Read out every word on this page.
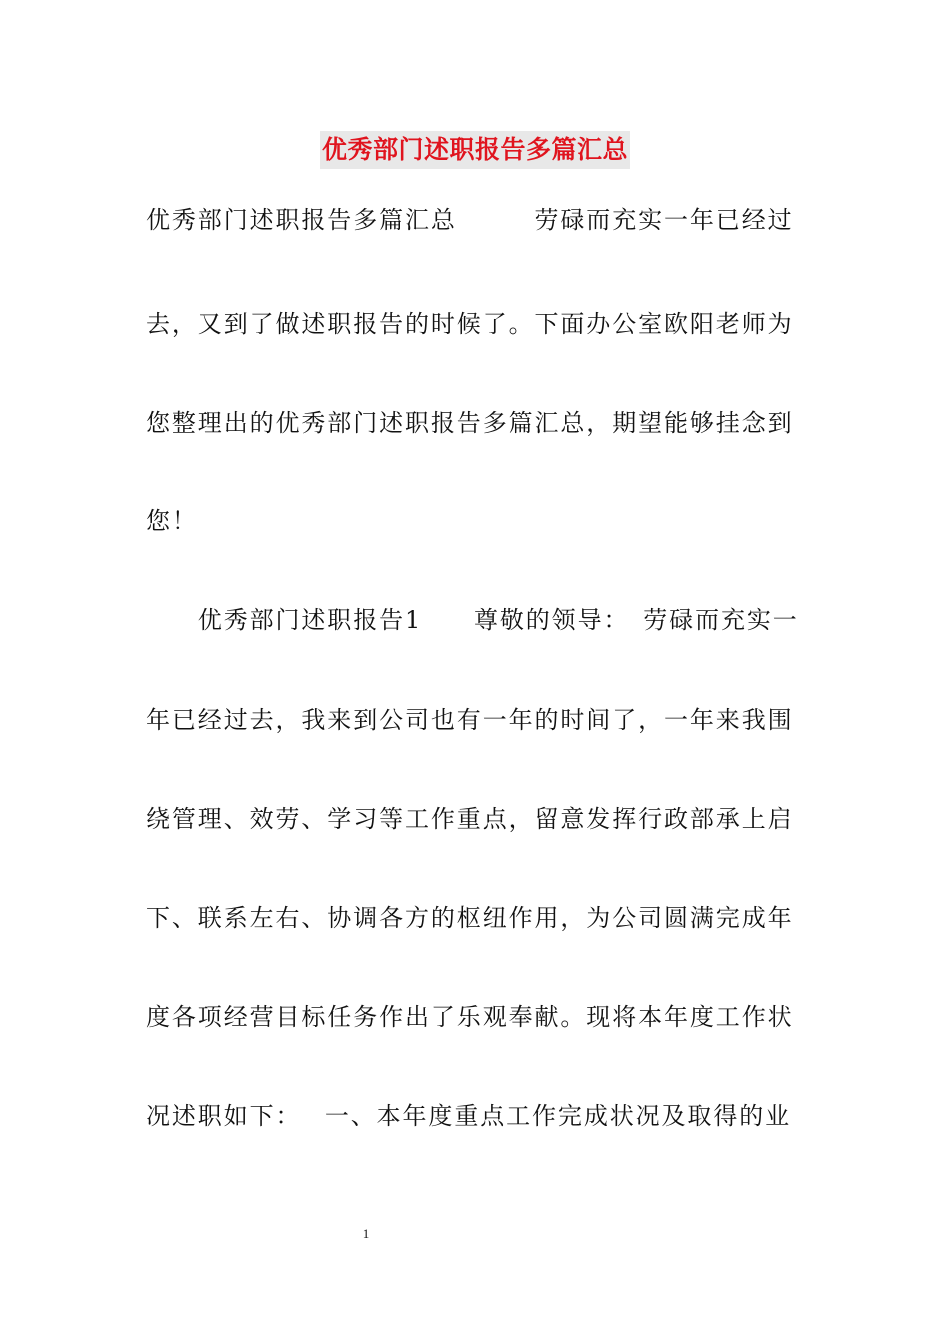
优秀部门述职报告多篇汇总
优秀部门述职报告多篇汇总　　　劳碌而充实一年已经过
去，又到了做述职报告的时候了。下面办公室欧阳老师为
您整理出的优秀部门述职报告多篇汇总，期望能够挂念到
您！
　　优秀部门述职报告1　　尊敬的领导：　劳碌而充实一
年已经过去，我来到公司也有一年的时间了，一年来我围
绕管理、效劳、学习等工作重点，留意发挥行政部承上启
下、联系左右、协调各方的枢纽作用，为公司圆满完成年
度各项经营目标任务作出了乐观奉献。现将本年度工作状
况述职如下：　 一、本年度重点工作完成状况及取得的业
1
